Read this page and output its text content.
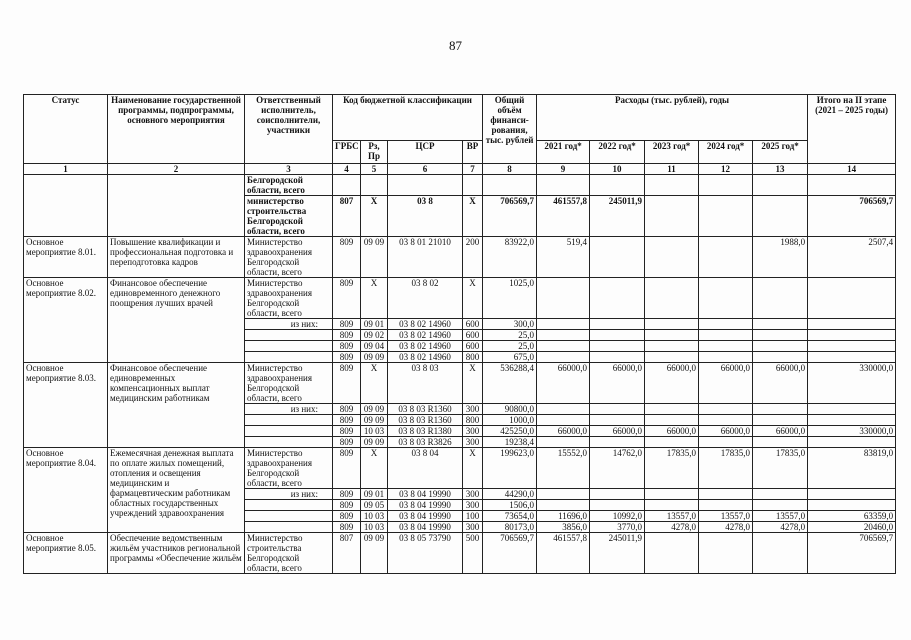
87
Статус	Наименование государственной программы, подпрограммы, основного мероприятия	Ответственный исполнитель, соисполнители, участники	Код бюджетной классификации				Общий объём финанси-рования, тыс. рублей	Расходы (тыс. рублей), годы					Итого на II этапе (2021 – 2025 годы)
			ГРБС	Рз, Пр	ЦСР	ВР		2021 год*	2022 год*	2023 год*	2024 год*	2025 год*	
1	2	3	4	5	6	7	8	9	10	11	12	13	14
		Белгородской области, всего											
		министерство строительства Белгородской области, всего	807	Х	03 8	Х	706569,7	461557,8	245011,9				706569,7
Основное мероприятие 8.01.	Повышение квалификации и профессиональная подготовка и переподготовка кадров	Министерство здравоохранения Белгородской области, всего	809	09 09	03 8 01 21010	200	83922,0	519,4				1988,0	2507,4
Основное мероприятие 8.02.	Финансовое обеспечение единовременного денежного поощрения лучших врачей	Министерство здравоохранения Белгородской области, всего	809	Х	03 8 02	Х	1025,0						
		из них:	809	09 01	03 8 02 14960	600	300,0						
			809	09 02	03 8 02 14960	600	25,0						
			809	09 04	03 8 02 14960	600	25,0						
			809	09 09	03 8 02 14960	800	675,0						
Основное мероприятие 8.03.	Финансовое обеспечение единовременных компенсационных выплат медицинским работникам	Министерство здравоохранения Белгородской области, всего	809	Х	03 8 03	Х	536288,4	66000,0	66000,0	66000,0	66000,0	66000,0	330000,0
		из них:	809	09 09	03 8 03 R1360	300	90800,0						
			809	09 09	03 8 03 R1360	800	1000,0						
			809	10 03	03 8 03 R1380	300	425250,0	66000,0	66000,0	66000,0	66000,0	66000,0	330000,0
			809	09 09	03 8 03 R3826	300	19238,4						
Основное мероприятие 8.04.	Ежемесячная денежная выплата по оплате жилых помещений, отопления и освещения медицинским и фармацевтическим работникам областных государственных учреждений здравоохранения	Министерство здравоохранения Белгородской области, всего	809	Х	03 8 04	Х	199623,0	15552,0	14762,0	17835,0	17835,0	17835,0	83819,0
		из них:	809	09 01	03 8 04 19990	300	44290,0						
			809	09 05	03 8 04 19990	300	1506,0						
			809	10 03	03 8 04 19990	100	73654,0	11696,0	10992,0	13557,0	13557,0	13557,0	63359,0
			809	10 03	03 8 04 19990	300	80173,0	3856,0	3770,0	4278,0	4278,0	4278,0	20460,0
Основное мероприятие 8.05.	Обеспечение ведомственным жильём участников региональной программы «Обеспечение жильём	Министерство строительства Белгородской области, всего	807	09 09	03 8 05 73790	500	706569,7	461557,8	245011,9				706569,7
